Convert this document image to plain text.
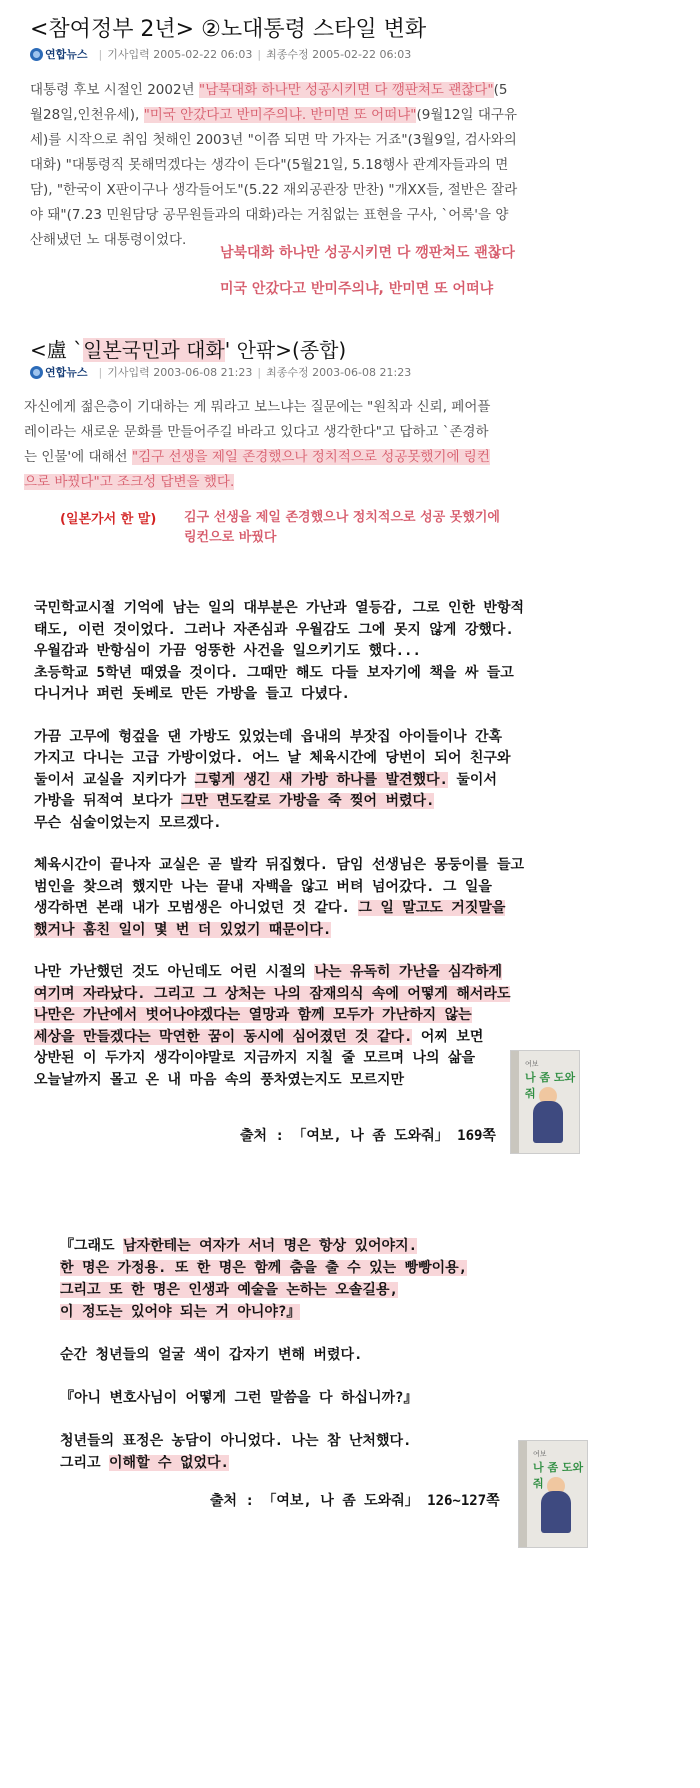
<참여정부 2년> ②노대통령 스타일 변화
연합뉴스 | 기사입력 2005-02-22 06:03 | 최종수정 2005-02-22 06:03

대통령 후보 시절인 2002년 "남북대화 하나만 성공시키면 다 깽판쳐도 괜찮다"(5월28일,인천유세), "미국 안갔다고 반미주의냐. 반미면 또 어떠냐"(9월12일 대구유세)를 시작으로 취임 첫해인 2003년 "이쯤 되면 막 가자는 거죠"(3월9일, 검사와의 대화) "대통령직 못해먹겠다는 생각이 든다"(5월21일, 5.18행사 관계자들과의 면담), "한국이 X판이구나 생각들어도"(5.22 재외공관장 만찬) "개XX들, 절반은 잘라야 돼"(7.23 민원담당 공무원들과의 대화)라는 거침없는 표현을 구사, `어록'을 양산해냈던 노 대통령이었다.

남북대화 하나만 성공시키면 다 깽판쳐도 괜찮다
미국 안갔다고 반미주의냐, 반미면 또 어떠냐
<盧 `일본국민과 대화' 안팎>(종합)
연합뉴스 | 기사입력 2003-06-08 21:23 | 최종수정 2003-06-08 21:23

자신에게 젊은층이 기대하는 게 뭐라고 보느냐는 질문에는 "원칙과 신뢰, 페어플레이라는 새로운 문화를 만들어주길 바라고 있다고 생각한다"고 답하고 `존경하는 인물'에 대해선 "김구 선생을 제일 존경했으나 정치적으로 성공못했기에 링컨으로 바꿨다"고 조크성 답변을 했다.

(일본가서 한 말) 김구 선생을 제일 존경했으나 정치적으로 성공 못했기에
링컨으로 바꿨다

국민학교시절 기억에 남는 일의 대부분은 가난과 열등감, 그로 인한 반항적

태도, 이런 것이었다. 그러나 자존심과 우월감도 그에 못지 않게 강했다.

우월감과 반항심이 가끔 엉뚱한 사건을 일으키기도 했다...

초등학교 5학년 때였을 것이다. 그때만 해도 다들 보자기에 책을 싸 들고

다니거나 퍼런 돗베로 만든 가방을 들고 다녔다.

가끔 고무에 헝겊을 댄 가방도 있었는데 읍내의 부잣집 아이들이나 간혹

가지고 다니는 고급 가방이었다. 어느 날 체육시간에 당번이 되어 친구와

둘이서 교실을 지키다가 그렇게 생긴 새 가방 하나를 발견했다. 둘이서

가방을 뒤적여 보다가 그만 면도칼로 가방을 죽 찢어 버렸다.

무슨 심술이었는지 모르겠다.

체육시간이 끝나자 교실은 곧 발칵 뒤집혔다. 담임 선생님은 몽둥이를 들고

범인을 찾으려 했지만 나는 끝내 자백을 않고 버텨 넘어갔다. 그 일을

생각하면 본래 내가 모범생은 아니었던 것 같다. 그 일 말고도 거짓말을

했거나 훔친 일이 몇 번 더 있었기 때문이다.

나만 가난했던 것도 아닌데도 어린 시절의 나는 유독히 가난을 심각하게

여기며 자라났다. 그리고 그 상처는 나의 잠재의식 속에 어떻게 해서라도

나만은 가난에서 벗어나야겠다는 열망과 함께 모두가 가난하지 않는

세상을 만들겠다는 막연한 꿈이 동시에 심어졌던 것 같다. 어찌 보면

상반된 이 두가지 생각이야말로 지금까지 지칠 줄 모르며 나의 삶을

오늘날까지 몰고 온 내 마음 속의 풍차였는지도 모르지만

여보
나 좀 도와줘
출처 : 「여보, 나 좀 도와줘」 169쪽

『그래도 남자한테는 여자가 서너 명은 항상 있어야지.

한 명은 가정용. 또 한 명은 함께 춤을 출 수 있는 빵빵이용,

그리고 또 한 명은 인생과 예술을 논하는 오솔길용,

이 정도는 있어야 되는 거 아니야?』

순간 청년들의 얼굴 색이 갑자기 변해 버렸다.

『아니 변호사님이 어떻게 그런 말씀을 다 하십니까?』

청년들의 표정은 농담이 아니었다. 나는 참 난처했다.

그리고 이해할 수 없었다.

여보
나 좀 도와줘
출처 : 「여보, 나 좀 도와줘」 126~127쪽
